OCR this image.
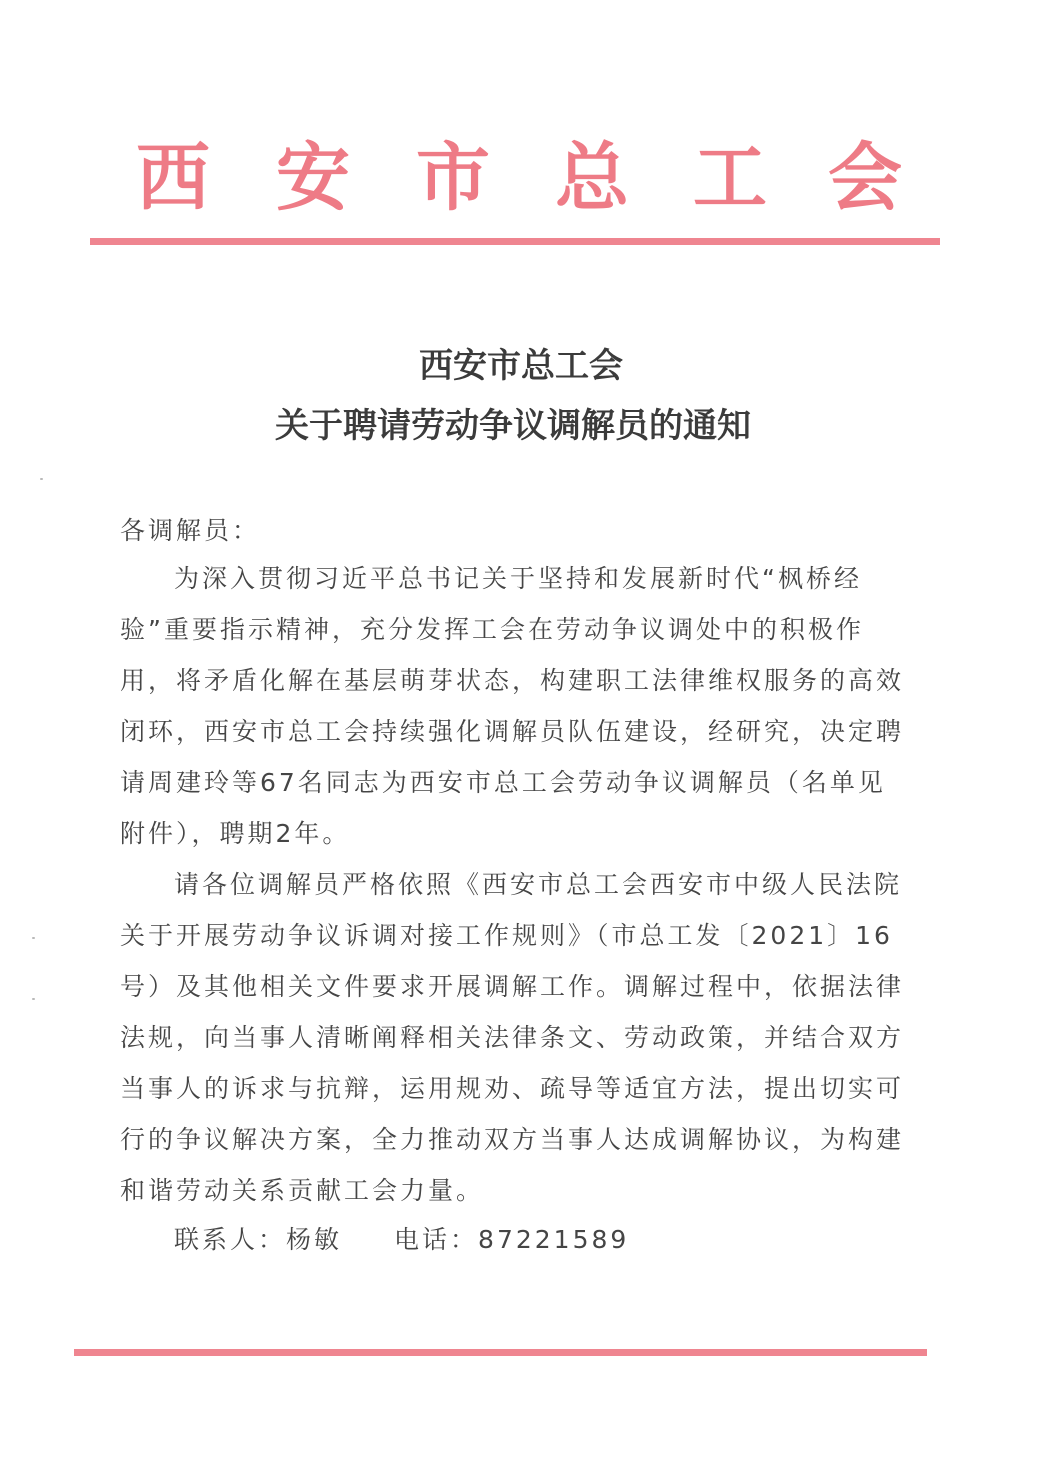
西 安 市 总 工 会
西安市总工会
关于聘请劳动争议调解员的通知
各调解员：
为深入贯彻习近平总书记关于坚持和发展新时代“枫桥经验”重要指示精神，充分发挥工会在劳动争议调处中的积极作用，将矛盾化解在基层萌芽状态，构建职工法律维权服务的高效闭环，西安市总工会持续强化调解员队伍建设，经研究，决定聘请周建玲等67名同志为西安市总工会劳动争议调解员（名单见附件），聘期2年。
请各位调解员严格依照《西安市总工会西安市中级人民法院关于开展劳动争议诉调对接工作规则》（市总工发〔2021〕16号）及其他相关文件要求开展调解工作。调解过程中，依据法律法规，向当事人清晰阐释相关法律条文、劳动政策，并结合双方当事人的诉求与抗辩，运用规劝、疏导等适宜方法，提出切实可行的争议解决方案，全力推动双方当事人达成调解协议，为构建和谐劳动关系贡献工会力量。
联系人：杨敏 电话：87221589
